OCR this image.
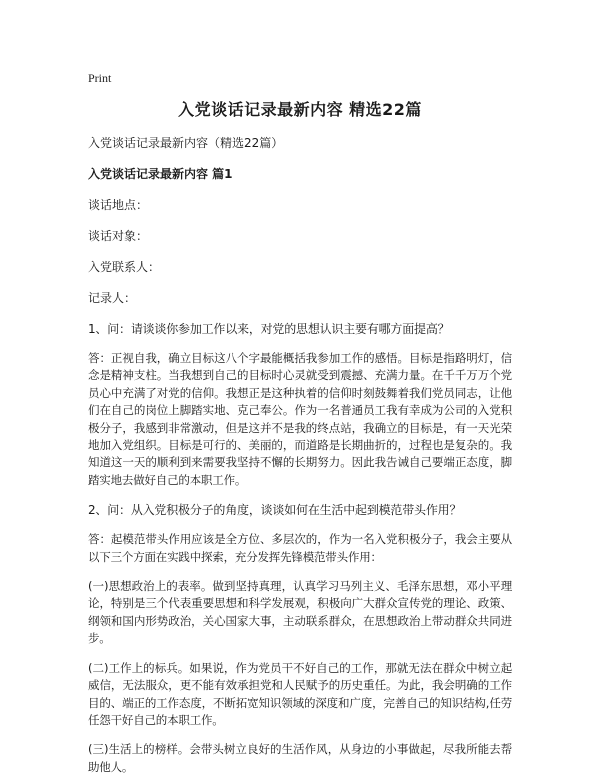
Print
入党谈话记录最新内容 精选22篇
入党谈话记录最新内容（精选22篇）
入党谈话记录最新内容 篇1
谈话地点：
谈话对象：
入党联系人：
记录人：
1、问：请谈谈你参加工作以来，对党的思想认识主要有哪方面提高？
答：正视自我，确立目标这八个字最能概括我参加工作的感悟。目标是指路明灯，信念是精神支柱。当我想到自己的目标时心灵就受到震撼、充满力量。在千千万万个党员心中充满了对党的信仰。我想正是这种执着的信仰时刻鼓舞着我们党员同志，让他们在自己的岗位上脚踏实地、克己奉公。作为一名普通员工我有幸成为公司的入党积极分子，我感到非常激动，但是这并不是我的终点站，我确立的目标是，有一天光荣地加入党组织。目标是可行的、美丽的，而道路是长期曲折的，过程也是复杂的。我知道这一天的顺利到来需要我坚持不懈的长期努力。因此我告诫自己要端正态度，脚踏实地去做好自己的本职工作。
2、问：从入党积极分子的角度，谈谈如何在生活中起到模范带头作用？
答：起模范带头作用应该是全方位、多层次的，作为一名入党积极分子，我会主要从以下三个方面在实践中探索，充分发挥先锋模范带头作用：
(一)思想政治上的表率。做到坚持真理，认真学习马列主义、毛泽东思想，邓小平理论，特别是三个代表重要思想和科学发展观，积极向广大群众宣传党的理论、政策、纲领和国内形势政治，关心国家大事，主动联系群众，在思想政治上带动群众共同进步。
(二)工作上的标兵。如果说，作为党员干不好自己的工作，那就无法在群众中树立起威信，无法服众，更不能有效承担党和人民赋予的历史重任。为此，我会明确的工作目的、端正的工作态度，不断拓宽知识领域的深度和广度，完善自己的知识结构,任劳任怨干好自己的本职工作。
(三)生活上的榜样。会带头树立良好的生活作风，从身边的小事做起，尽我所能去帮助他人。
